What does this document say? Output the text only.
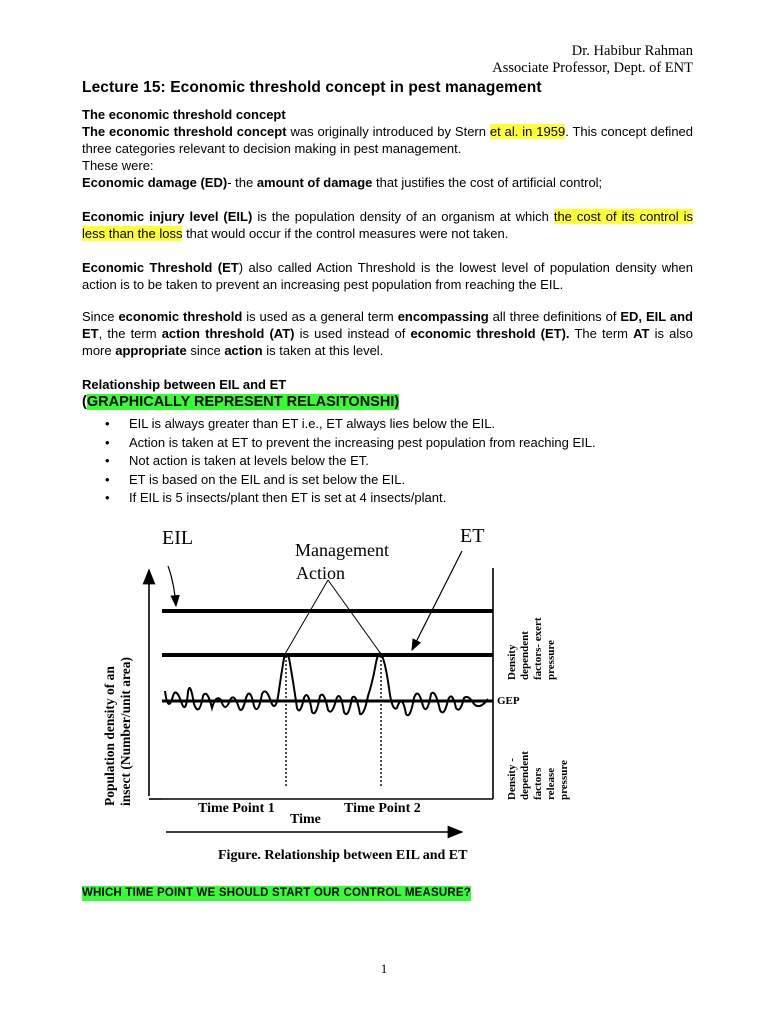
Dr. Habibur Rahman
Associate Professor, Dept. of ENT
Lecture 15: Economic threshold concept in pest management
The economic threshold concept
The economic threshold concept was originally introduced by Stern et al. in 1959. This concept defined three categories relevant to decision making in pest management.
These were:
Economic damage (ED)- the amount of damage that justifies the cost of artificial control;
Economic injury level (EIL) is the population density of an organism at which the cost of its control is less than the loss that would occur if the control measures were not taken.
Economic Threshold (ET) also called Action Threshold is the lowest level of population density when action is to be taken to prevent an increasing pest population from reaching the EIL.
Since economic threshold is used as a general term encompassing all three definitions of ED, EIL and ET, the term action threshold (AT) is used instead of economic threshold (ET). The term AT is also more appropriate since action is taken at this level.
Relationship between EIL and ET
(GRAPHICALLY REPRESENT RELASITONSHI)
• EIL is always greater than ET i.e., ET always lies below the EIL.
• Action is taken at ET to prevent the increasing pest population from reaching EIL.
• Not action is taken at levels below the ET.
• ET is based on the EIL and is set below the EIL.
• If EIL is 5 insects/plant then ET is set at 4 insects/plant.
EIL	ET
Management
Action
GEP
Time Point 1	Time Point 2
Time
Population density of an insect (Number/unit area)	Density dependent factors- exert pressure
Density - dependent factors release pressure
Figure. Relationship between EIL and ET
WHICH TIME POINT WE SHOULD START OUR CONTROL MEASURE?
1
